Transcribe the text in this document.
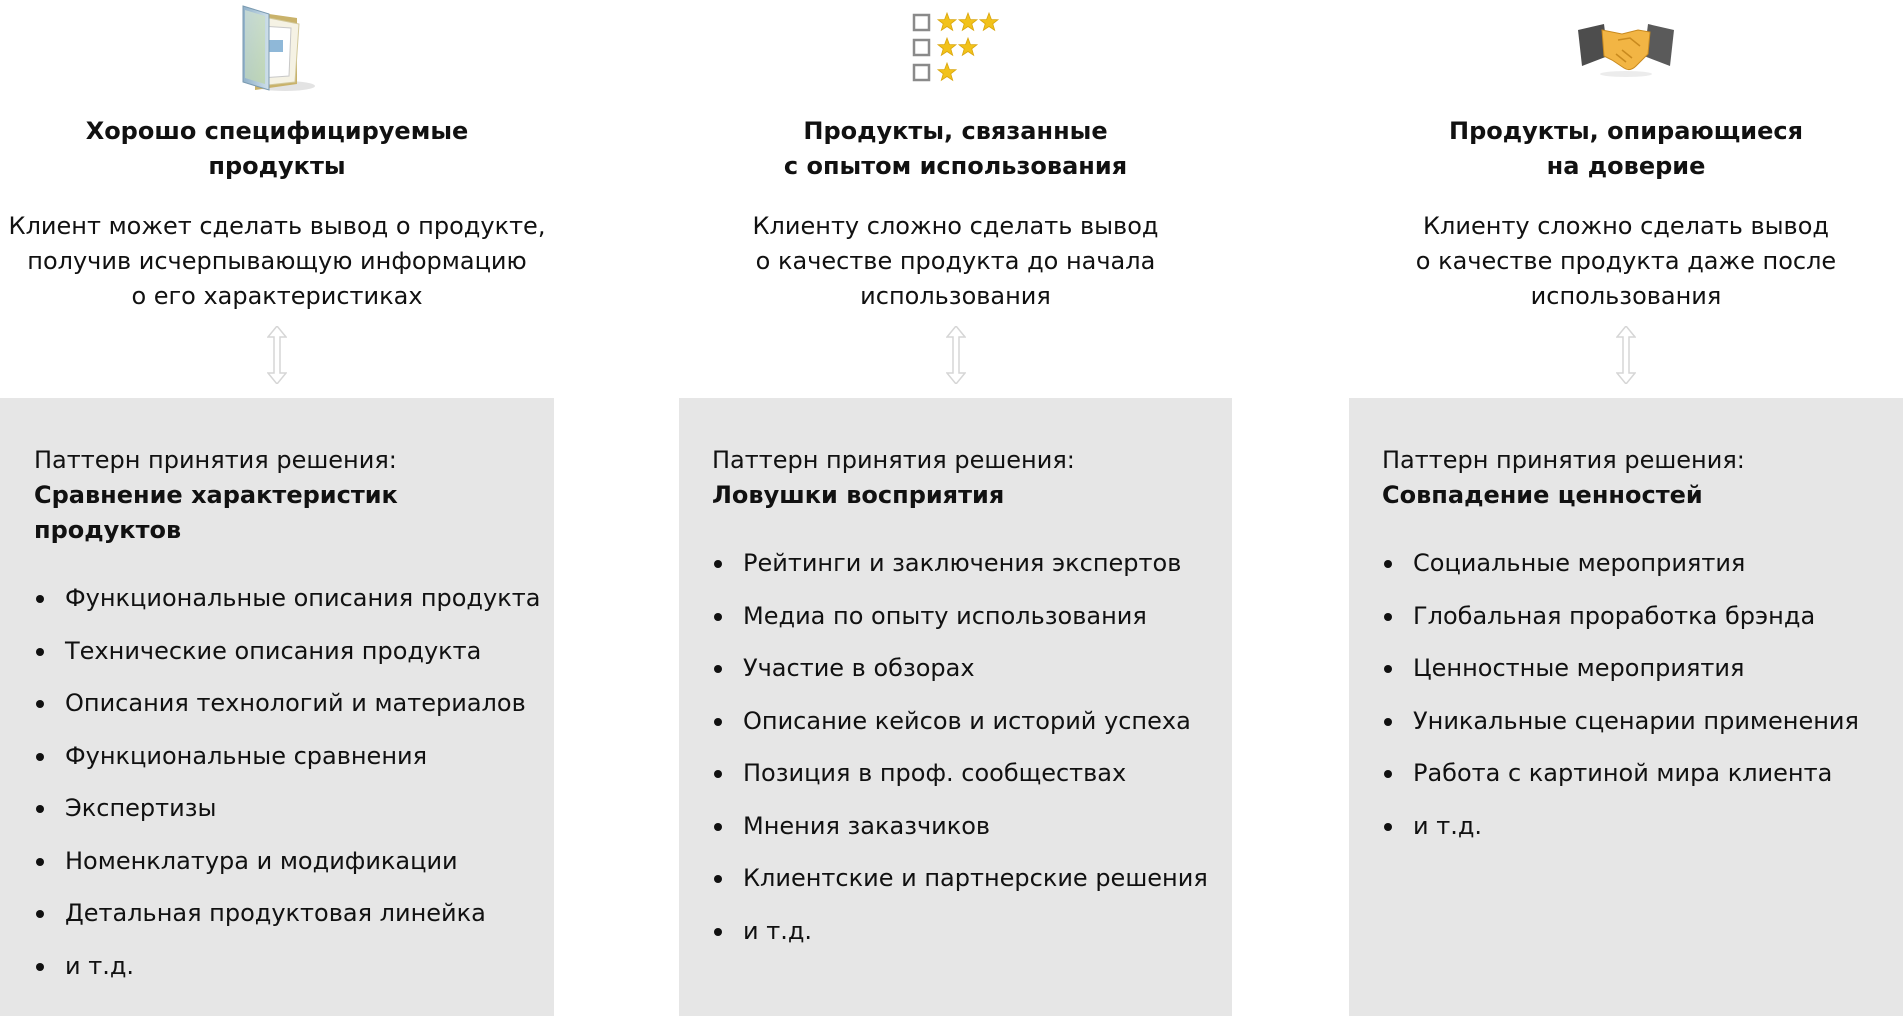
Хорошо специфицируемые
продукты

Клиент может сделать вывод о продукте,
получив исчерпывающую информацию
о его характеристиках

Паттерн принятия решения:

Сравнение характеристик продуктов

Функциональные описания продукта
Технические описания продукта
Описания технологий и материалов
Функциональные сравнения
Экспертизы
Номенклатура и модификации
Детальная продуктовая линейка
и т.д.
Продукты, связанные
с опытом использования

Клиенту сложно сделать вывод
о качестве продукта до начала
использования

Паттерн принятия решения:

Ловушки восприятия

Рейтинги и заключения экспертов
Медиа по опыту использования
Участие в обзорах
Описание кейсов и историй успеха
Позиция в проф. сообществах
Мнения заказчиков
Клиентские и партнерские решения
и т.д.
Продукты, опирающиеся
на доверие

Клиенту сложно сделать вывод
о качестве продукта даже после
использования

Паттерн принятия решения:

Совпадение ценностей

Социальные мероприятия
Глобальная проработка брэнда
Ценностные мероприятия
Уникальные сценарии применения
Работа с картиной мира клиента
и т.д.
